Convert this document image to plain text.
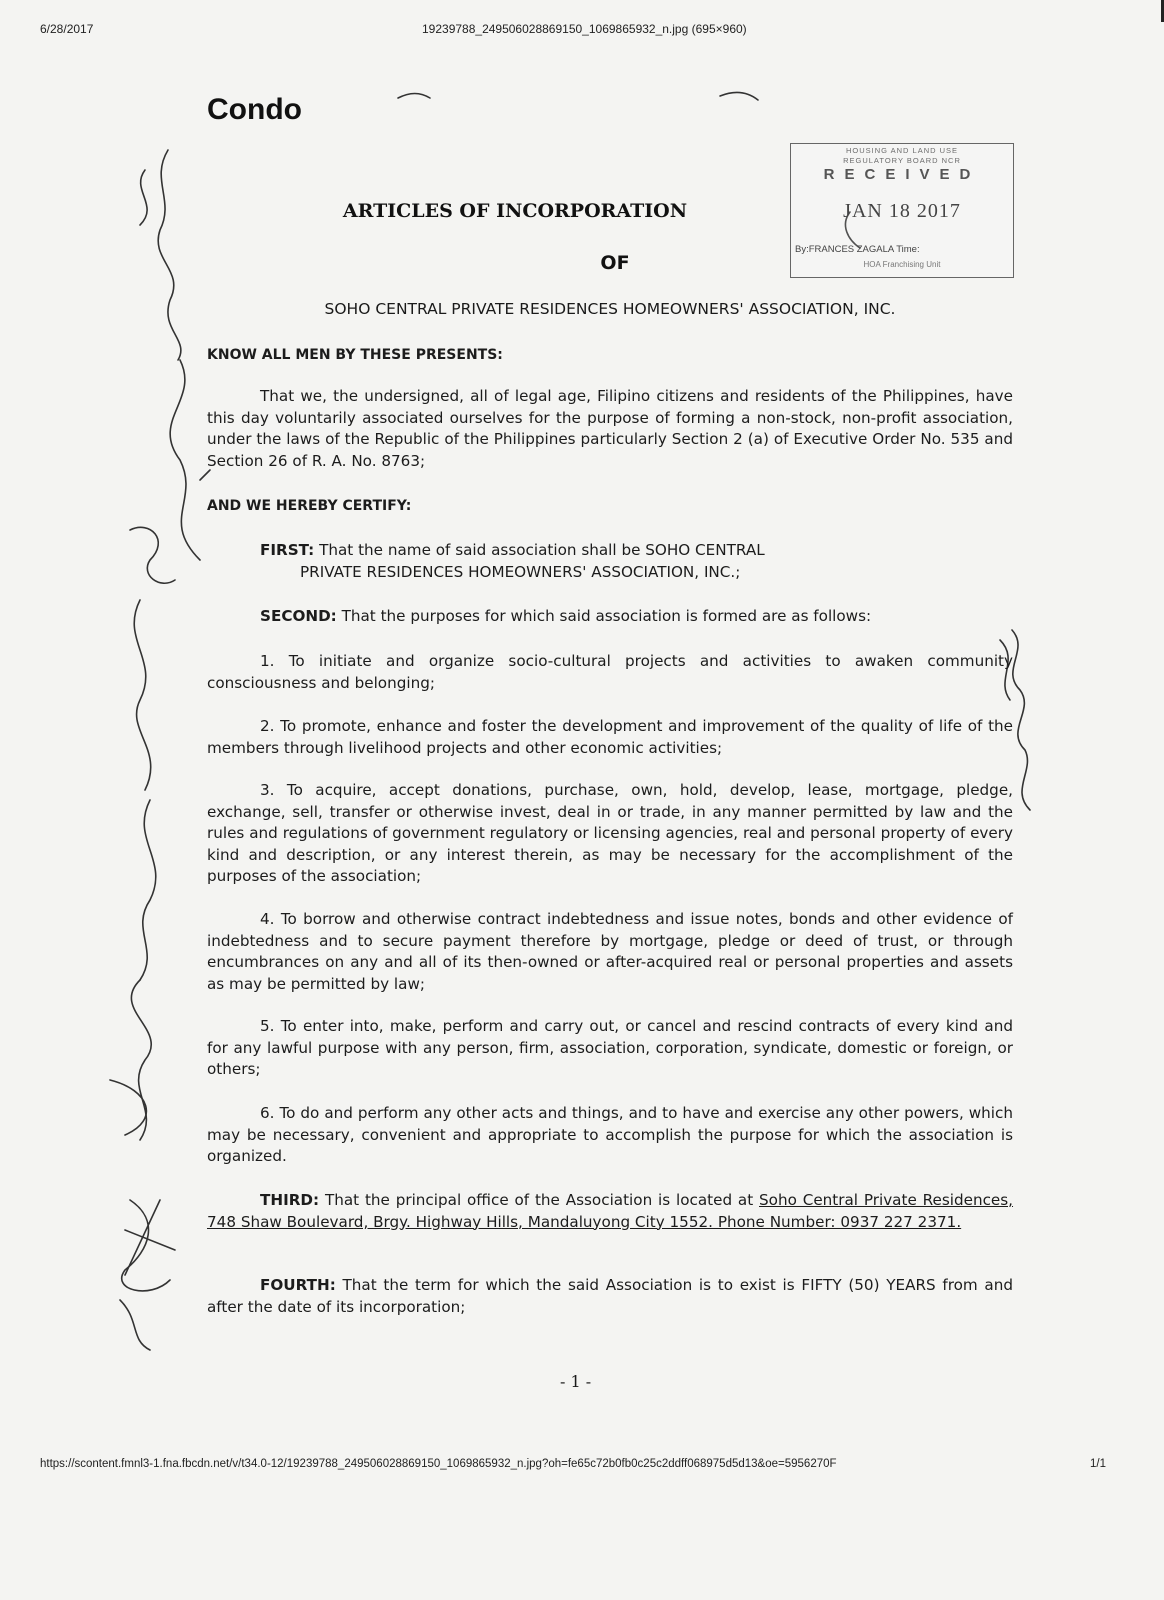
6/28/2017	19239788_249506028869150_1069865932_n.jpg (695×960)
Condo
HOUSING AND LAND USE
REGULATORY BOARD NCR
RECEIVED
JAN 18 2017
By:FRANCES ZAGALA Time:
HOA Franchising Unit
ARTICLES OF INCORPORATION
OF
SOHO CENTRAL PRIVATE RESIDENCES HOMEOWNERS' ASSOCIATION, INC.
KNOW ALL MEN BY THESE PRESENTS:
That we, the undersigned, all of legal age, Filipino citizens and residents of the Philippines, have this day voluntarily associated ourselves for the purpose of forming a non-stock, non-profit association, under the laws of the Republic of the Philippines particularly Section 2 (a) of Executive Order No. 535 and Section 26 of R. A. No. 8763;
AND WE HEREBY CERTIFY:
FIRST: That the name of said association shall be SOHO CENTRAL
PRIVATE RESIDENCES HOMEOWNERS' ASSOCIATION, INC.;
SECOND: That the purposes for which said association is formed are as follows:
1. To initiate and organize socio-cultural projects and activities to awaken community consciousness and belonging;
2. To promote, enhance and foster the development and improvement of the quality of life of the members through livelihood projects and other economic activities;
3. To acquire, accept donations, purchase, own, hold, develop, lease, mortgage, pledge, exchange, sell, transfer or otherwise invest, deal in or trade, in any manner permitted by law and the rules and regulations of government regulatory or licensing agencies, real and personal property of every kind and description, or any interest therein, as may be necessary for the accomplishment of the purposes of the association;
4. To borrow and otherwise contract indebtedness and issue notes, bonds and other evidence of indebtedness and to secure payment therefore by mortgage, pledge or deed of trust, or through encumbrances on any and all of its then-owned or after-acquired real or personal properties and assets as may be permitted by law;
5. To enter into, make, perform and carry out, or cancel and rescind contracts of every kind and for any lawful purpose with any person, firm, association, corporation, syndicate, domestic or foreign, or others;
6. To do and perform any other acts and things, and to have and exercise any other powers, which may be necessary, convenient and appropriate to accomplish the purpose for which the association is organized.
THIRD: That the principal office of the Association is located at Soho Central Private Residences, 748 Shaw Boulevard, Brgy. Highway Hills, Mandaluyong City 1552. Phone Number: 0937 227 2371.
FOURTH: That the term for which the said Association is to exist is FIFTY (50) YEARS from and after the date of its incorporation;
- 1 -
https://scontent.fmnl3-1.fna.fbcdn.net/v/t34.0-12/19239788_249506028869150_1069865932_n.jpg?oh=fe65c72b0fb0c25c2ddff068975d5d13&oe=5956270F	1/1
